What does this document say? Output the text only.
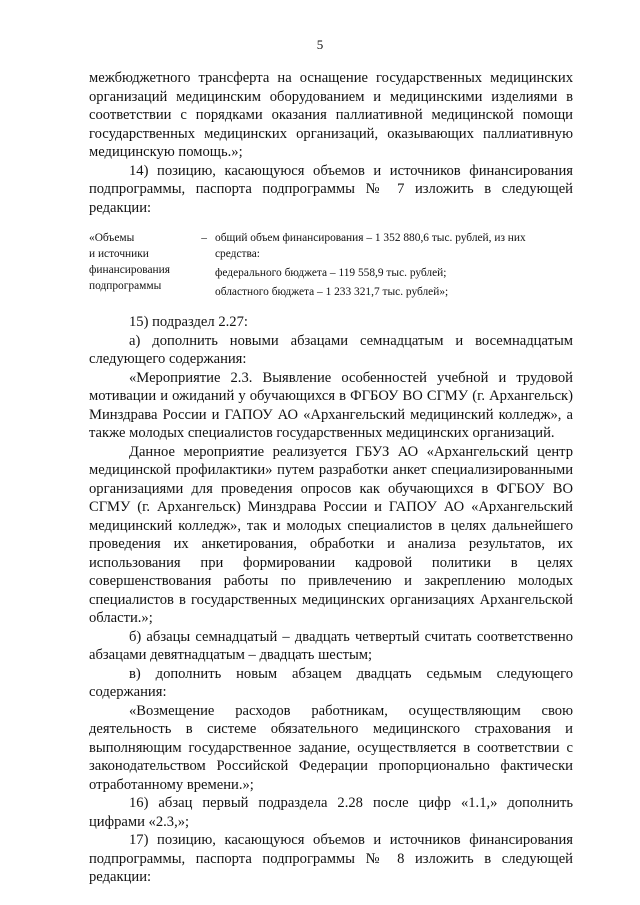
5

межбюджетного трансферта на оснащение государственных медицинских организаций медицинским оборудованием и медицинскими изделиями в соответствии с порядками оказания паллиативной медицинской помощи государственных медицинских организаций, оказывающих паллиативную медицинскую помощь.»;

14) позицию, касающуюся объемов и источников финансирования подпрограммы, паспорта подпрограммы № 7 изложить в следующей редакции:

«Объемы
и источники
финансирования
подпрограммы
– общий объем финансирования – 1 352 880,6 тыс. рублей, из них средства:
федерального бюджета – 119 558,9 тыс. рублей;
областного бюджета – 1 233 321,7 тыс. рублей»;

15) подраздел 2.27:

а) дополнить новыми абзацами семнадцатым и восемнадцатым следующего содержания:

«Мероприятие 2.3. Выявление особенностей учебной и трудовой мотивации и ожиданий у обучающихся в ФГБОУ ВО СГМУ (г. Архангельск) Минздрава России и ГАПОУ АО «Архангельский медицинский колледж», а также молодых специалистов государственных медицинских организаций.

Данное мероприятие реализуется ГБУЗ АО «Архангельский центр медицинской профилактики» путем разработки анкет специализированными организациями для проведения опросов как обучающихся в ФГБОУ ВО СГМУ (г. Архангельск) Минздрава России и ГАПОУ АО «Архангельский медицинский колледж», так и молодых специалистов в целях дальнейшего проведения их анкетирования, обработки и анализа результатов, их использования при формировании кадровой политики в целях совершенствования работы по привлечению и закреплению молодых специалистов в государственных медицинских организациях Архангельской области.»;

б) абзацы семнадцатый – двадцать четвертый считать соответственно абзацами девятнадцатым – двадцать шестым;

в) дополнить новым абзацем двадцать седьмым следующего содержания:

«Возмещение расходов работникам, осуществляющим свою деятельность в системе обязательного медицинского страхования и выполняющим государственное задание, осуществляется в соответствии с законодательством Российской Федерации пропорционально фактически отработанному времени.»;

16) абзац первый подраздела 2.28 после цифр «1.1,» дополнить цифрами «2.3,»;

17) позицию, касающуюся объемов и источников финансирования подпрограммы, паспорта подпрограммы № 8 изложить в следующей редакции:
